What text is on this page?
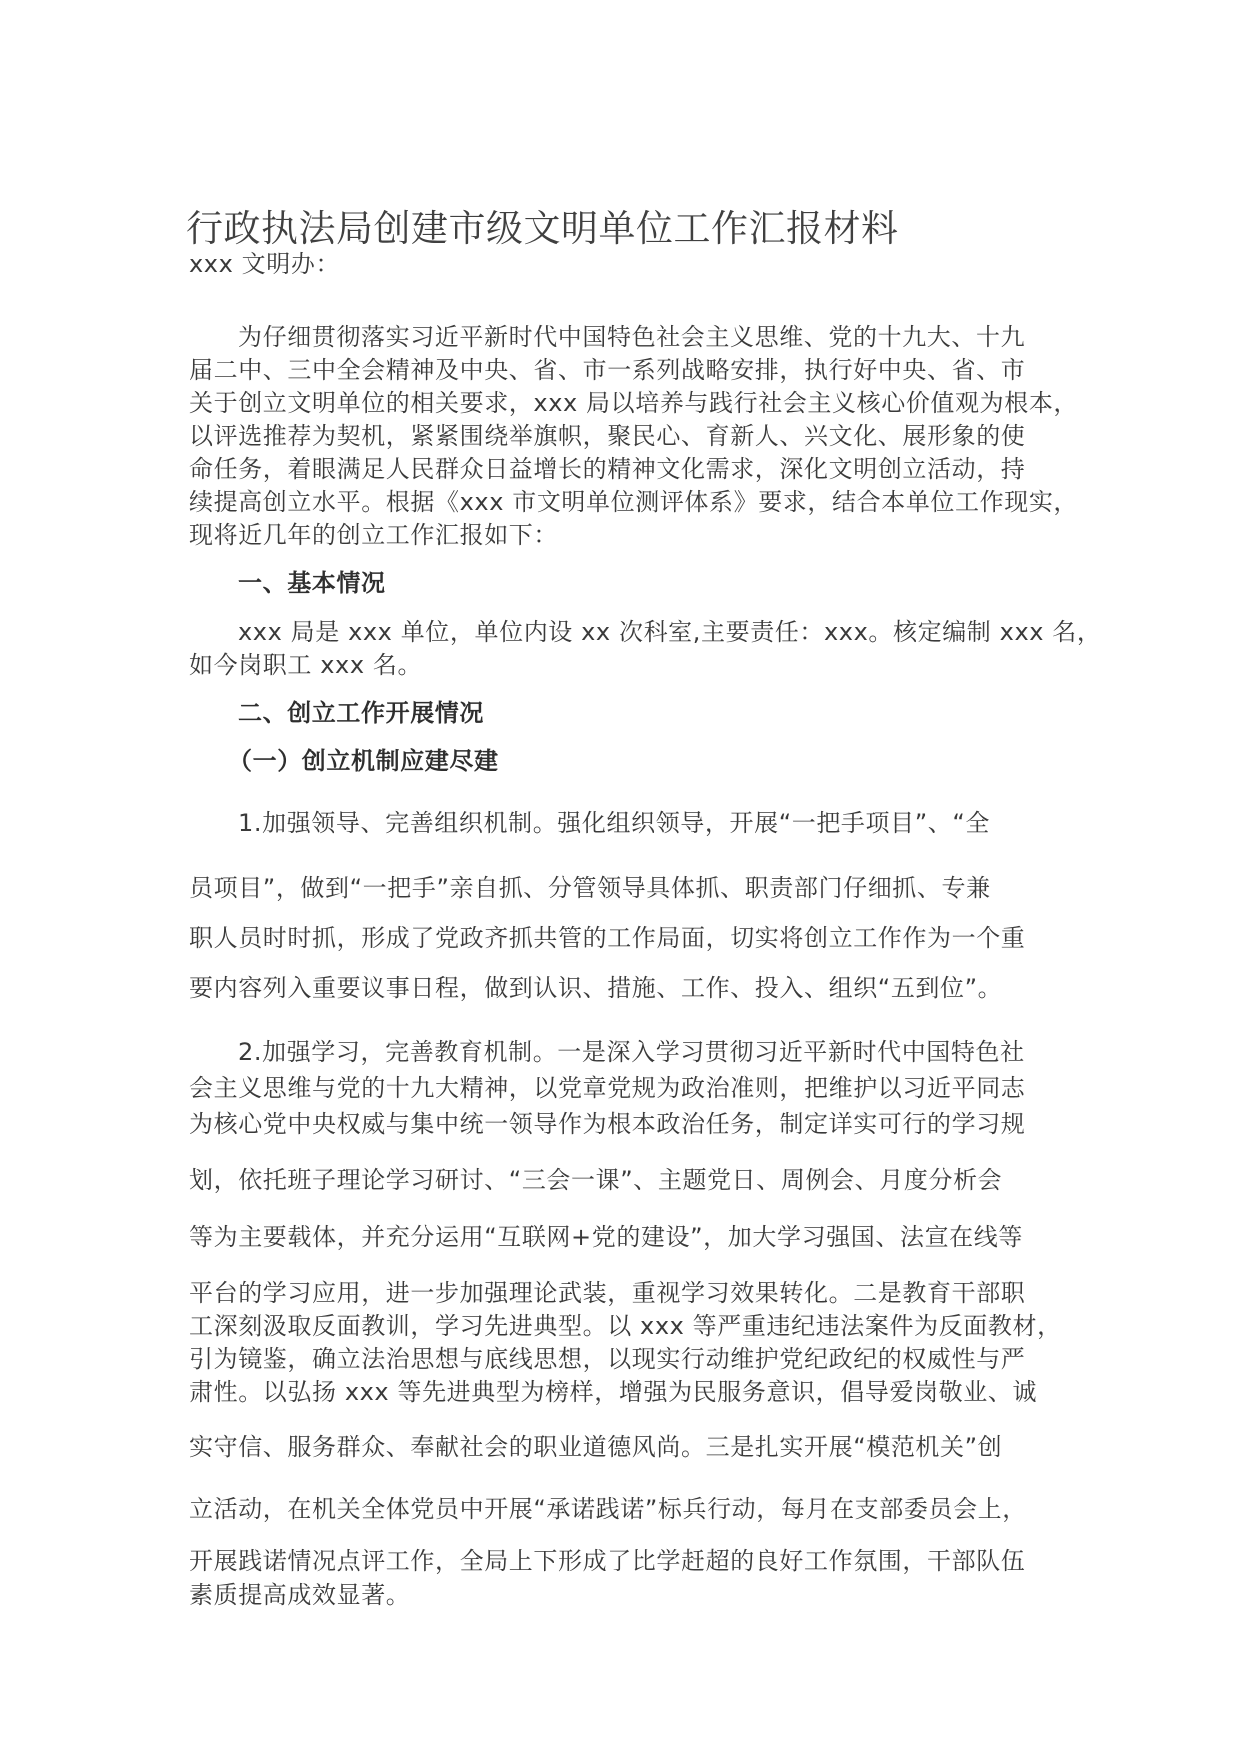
行政执法局创建市级文明单位工作汇报材料
xxx 文明办：
为仔细贯彻落实习近平新时代中国特色社会主义思维、党的十九大、十九
届二中、三中全会精神及中央、省、市一系列战略安排，执行好中央、省、市
关于创立文明单位的相关要求，xxx 局以培养与践行社会主义核心价值观为根本，
以评选推荐为契机，紧紧围绕举旗帜，聚民心、育新人、兴文化、展形象的使
命任务，着眼满足人民群众日益增长的精神文化需求，深化文明创立活动，持
续提高创立水平。根据《xxx 市文明单位测评体系》要求，结合本单位工作现实，
现将近几年的创立工作汇报如下：
一、基本情况
xxx 局是 xxx 单位，单位内设 xx 次科室,主要责任：xxx。核定编制 xxx 名，
如今岗职工 xxx 名。
二、创立工作开展情况
（一）创立机制应建尽建
1.加强领导、完善组织机制。强化组织领导，开展“一把手项目”、“全
员项目”，做到“一把手”亲自抓、分管领导具体抓、职责部门仔细抓、专兼
职人员时时抓，形成了党政齐抓共管的工作局面，切实将创立工作作为一个重
要内容列入重要议事日程，做到认识、措施、工作、投入、组织“五到位”。
2.加强学习，完善教育机制。一是深入学习贯彻习近平新时代中国特色社
会主义思维与党的十九大精神，以党章党规为政治准则，把维护以习近平同志
为核心党中央权威与集中统一领导作为根本政治任务，制定详实可行的学习规
划，依托班子理论学习研讨、“三会一课”、主题党日、周例会、月度分析会
等为主要载体，并充分运用“互联网+党的建设”，加大学习强国、法宣在线等
平台的学习应用，进一步加强理论武装，重视学习效果转化。二是教育干部职
工深刻汲取反面教训，学习先进典型。以 xxx 等严重违纪违法案件为反面教材，
引为镜鉴，确立法治思想与底线思想，以现实行动维护党纪政纪的权威性与严
肃性。以弘扬 xxx 等先进典型为榜样，增强为民服务意识，倡导爱岗敬业、诚
实守信、服务群众、奉献社会的职业道德风尚。三是扎实开展“模范机关”创
立活动，在机关全体党员中开展“承诺践诺”标兵行动，每月在支部委员会上，
开展践诺情况点评工作，全局上下形成了比学赶超的良好工作氛围，干部队伍
素质提高成效显著。
